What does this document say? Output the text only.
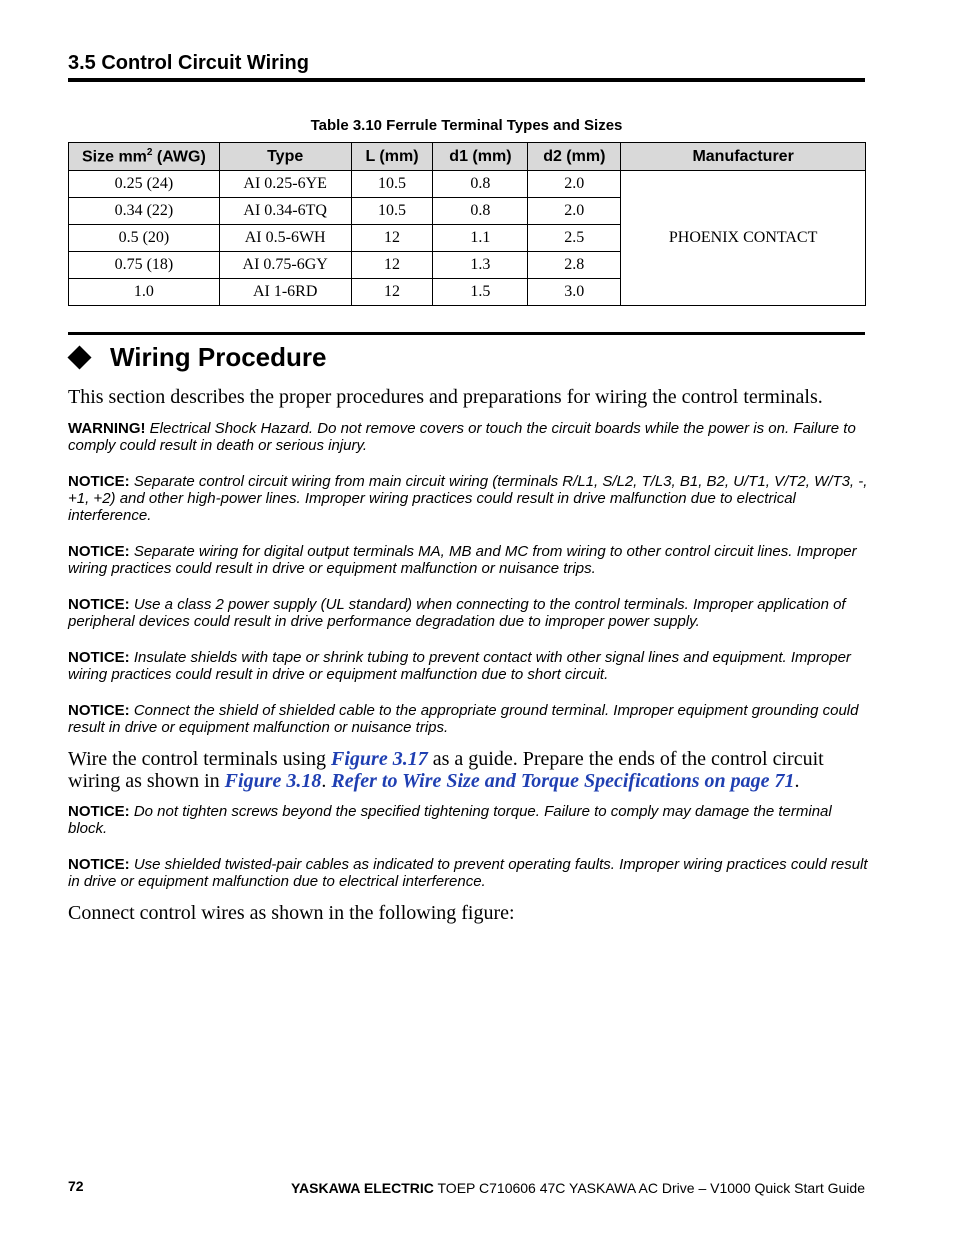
3.5 Control Circuit Wiring
Table 3.10 Ferrule Terminal Types and Sizes
Size $mm^2$ (AWG)	Type	L (mm)	d1 (mm)	d2 (mm)	Manufacturer
0.25 (24)	AI 0.25-6YE	10.5	0.8	2.0	PHOENIX CONTACT
0.34 (22)	AI 0.34-6TQ	10.5	0.8	2.0	
0.5 (20)	AI 0.5-6WH	12	1.1	2.5	
0.75 (18)	AI 0.75-6GY	12	1.3	2.8	
1.0	AI 1-6RD	12	1.5	3.0	
Wiring Procedure
This section describes the proper procedures and preparations for wiring the control terminals.
WARNING! Electrical Shock Hazard. Do not remove covers or touch the circuit boards while the power is on. Failure to comply could result in death or serious injury.
NOTICE: Separate control circuit wiring from main circuit wiring (terminals R/L1, S/L2, T/L3, B1, B2, U/T1, V/T2, W/T3, -, +1, +2) and other high-power lines. Improper wiring practices could result in drive malfunction due to electrical interference.
NOTICE: Separate wiring for digital output terminals MA, MB and MC from wiring to other control circuit lines. Improper wiring practices could result in drive or equipment malfunction or nuisance trips.
NOTICE: Use a class 2 power supply (UL standard) when connecting to the control terminals. Improper application of peripheral devices could result in drive performance degradation due to improper power supply.
NOTICE: Insulate shields with tape or shrink tubing to prevent contact with other signal lines and equipment. Improper wiring practices could result in drive or equipment malfunction due to short circuit.
NOTICE: Connect the shield of shielded cable to the appropriate ground terminal. Improper equipment grounding could result in drive or equipment malfunction or nuisance trips.
Wire the control terminals using Figure 3.17 as a guide. Prepare the ends of the control circuit wiring as shown in Figure 3.18. Refer to Wire Size and Torque Specifications on page 71.
NOTICE: Do not tighten screws beyond the specified tightening torque. Failure to comply may damage the terminal block.
NOTICE: Use shielded twisted-pair cables as indicated to prevent operating faults. Improper wiring practices could result in drive or equipment malfunction due to electrical interference.
Connect control wires as shown in the following figure:
72	YASKAWA ELECTRIC TOEP C710606 47C YASKAWA AC Drive – V1000 Quick Start Guide
